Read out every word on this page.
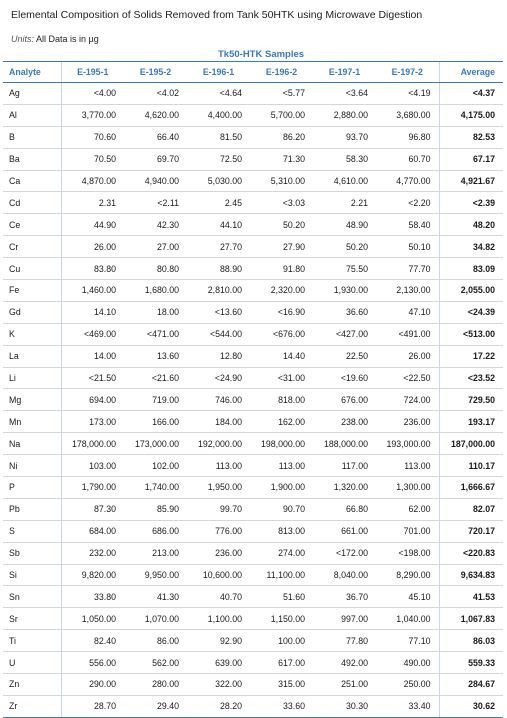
Elemental Composition of Solids Removed from Tank 50HTK using Microwave Digestion
Units: All Data is in µg
Tk50-HTK Samples
Analyte	E-195-1	E-195-2	E-196-1	E-196-2	E-197-1	E-197-2	Average
Ag	<4.00	<4.02	<4.64	<5.77	<3.64	<4.19	<4.37
Al	3,770.00	4,620.00	4,400.00	5,700.00	2,880.00	3,680.00	4,175.00
B	70.60	66.40	81.50	86.20	93.70	96.80	82.53
Ba	70.50	69.70	72.50	71.30	58.30	60.70	67.17
Ca	4,870.00	4,940.00	5,030.00	5,310.00	4,610.00	4,770.00	4,921.67
Cd	2.31	<2.11	2.45	<3.03	2.21	<2.20	<2.39
Ce	44.90	42.30	44.10	50.20	48.90	58.40	48.20
Cr	26.00	27.00	27.70	27.90	50.20	50.10	34.82
Cu	83.80	80.80	88.90	91.80	75.50	77.70	83.09
Fe	1,460.00	1,680.00	2,810.00	2,320.00	1,930.00	2,130.00	2,055.00
Gd	14.10	18.00	<13.60	<16.90	36.60	47.10	<24.39
K	<469.00	<471.00	<544.00	<676.00	<427.00	<491.00	<513.00
La	14.00	13.60	12.80	14.40	22.50	26.00	17.22
Li	<21.50	<21.60	<24.90	<31.00	<19.60	<22.50	<23.52
Mg	694.00	719.00	746.00	818.00	676.00	724.00	729.50
Mn	173.00	166.00	184.00	162.00	238.00	236.00	193.17
Na	178,000.00	173,000.00	192,000.00	198,000.00	188,000.00	193,000.00	187,000.00
Ni	103.00	102.00	113.00	113.00	117.00	113.00	110.17
P	1,790.00	1,740.00	1,950.00	1,900.00	1,320.00	1,300.00	1,666.67
Pb	87.30	85.90	99.70	90.70	66.80	62.00	82.07
S	684.00	686.00	776.00	813.00	661.00	701.00	720.17
Sb	232.00	213.00	236.00	274.00	<172.00	<198.00	<220.83
Si	9,820.00	9,950.00	10,600.00	11,100.00	8,040.00	8,290.00	9,634.83
Sn	33.80	41.30	40.70	51.60	36.70	45.10	41.53
Sr	1,050.00	1,070.00	1,100.00	1,150.00	997.00	1,040.00	1,067.83
Ti	82.40	86.00	92.90	100.00	77.80	77.10	86.03
U	556.00	562.00	639.00	617.00	492.00	490.00	559.33
Zn	290.00	280.00	322.00	315.00	251.00	250.00	284.67
Zr	28.70	29.40	28.20	33.60	30.30	33.40	30.62
